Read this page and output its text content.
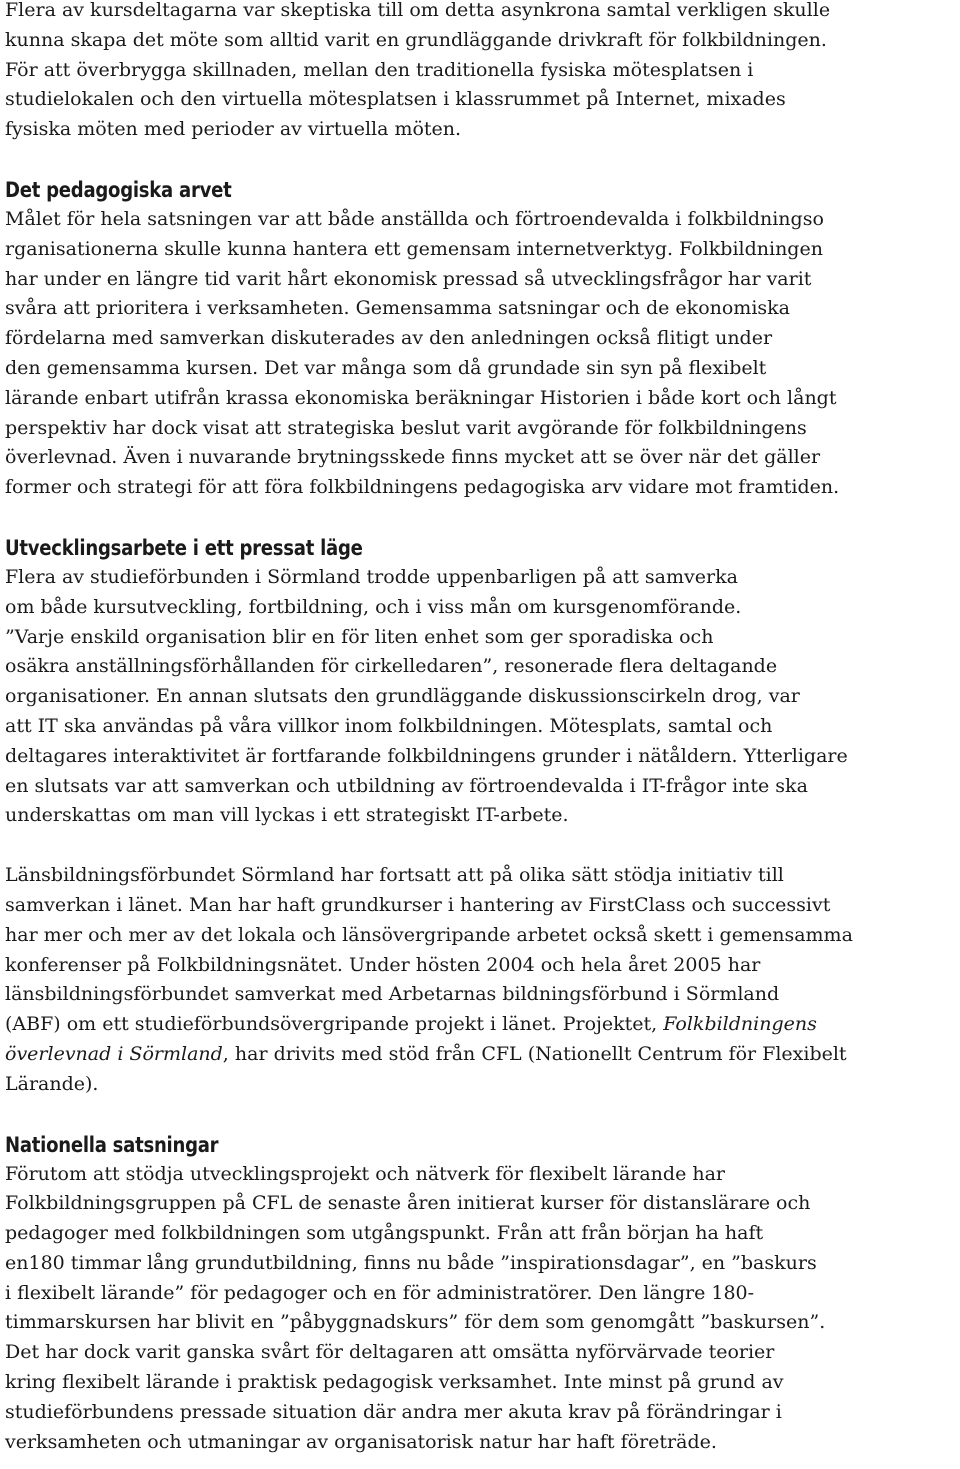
Flera av kursdeltagarna var skeptiska till om detta asynkrona samtal verkligen skulle
kunna skapa det möte som alltid varit en grundläggande drivkraft för folkbildningen.
För att överbrygga skillnaden, mellan den traditionella fysiska mötesplatsen i
studielokalen och den virtuella mötesplatsen i klassrummet på Internet, mixades
fysiska möten med perioder av virtuella möten.
Det pedagogiska arvet
Målet för hela satsningen var att både anställda och förtroendevalda i folkbildningso
rganisationerna skulle kunna hantera ett gemensam internetverktyg. Folkbildningen
har under en längre tid varit hårt ekonomisk pressad så utvecklingsfrågor har varit
svåra att prioritera i verksamheten. Gemensamma satsningar och de ekonomiska
fördelarna med samverkan diskuterades av den anledningen också flitigt under
den gemensamma kursen. Det var många som då grundade sin syn på flexibelt
lärande enbart utifrån krassa ekonomiska beräkningar Historien i både kort och långt
perspektiv har dock visat att strategiska beslut varit avgörande för folkbildningens
överlevnad. Även i nuvarande brytningsskede finns mycket att se över när det gäller
former och strategi för att föra folkbildningens pedagogiska arv vidare mot framtiden.
Utvecklingsarbete i ett pressat läge
Flera av studieförbunden i Sörmland trodde uppenbarligen på att samverka
om både kursutveckling, fortbildning, och i viss mån om kursgenomförande.
”Varje enskild organisation blir en för liten enhet som ger sporadiska och
osäkra anställningsförhållanden för cirkelledaren”, resonerade flera deltagande
organisationer. En annan slutsats den grundläggande diskussionscirkeln drog, var
att IT ska användas på våra villkor inom folkbildningen. Mötesplats, samtal och
deltagares interaktivitet är fortfarande folkbildningens grunder i nätåldern. Ytterligare
en slutsats var att samverkan och utbildning av förtroendevalda i IT-frågor inte ska
underskattas om man vill lyckas i ett strategiskt IT-arbete.
Länsbildningsförbundet Sörmland har fortsatt att på olika sätt stödja initiativ till
samverkan i länet. Man har haft grundkurser i hantering av FirstClass och successivt
har mer och mer av det lokala och länsövergripande arbetet också skett i gemensamma
konferenser på Folkbildningsnätet. Under hösten 2004 och hela året 2005 har
länsbildningsförbundet samverkat med Arbetarnas bildningsförbund i Sörmland
(ABF) om ett studieförbundsövergripande projekt i länet. Projektet, Folkbildningens
överlevnad i Sörmland, har drivits med stöd från CFL (Nationellt Centrum för Flexibelt
Lärande).
Nationella satsningar
Förutom att stödja utvecklingsprojekt och nätverk för flexibelt lärande har
Folkbildningsgruppen på CFL de senaste åren initierat kurser för distanslärare och
pedagoger med folkbildningen som utgångspunkt. Från att från början ha haft
en180 timmar lång grundutbildning, finns nu både ”inspirationsdagar”, en ”baskurs
i flexibelt lärande” för pedagoger och en för administratörer. Den längre 180-
timmarskursen har blivit en ”påbyggnadskurs” för dem som genomgått ”baskursen”.
Det har dock varit ganska svårt för deltagaren att omsätta nyförvärvade teorier
kring flexibelt lärande i praktisk pedagogisk verksamhet. Inte minst på grund av
studieförbundens pressade situation där andra mer akuta krav på förändringar i
verksamheten och utmaningar av organisatorisk natur har haft företräde.
